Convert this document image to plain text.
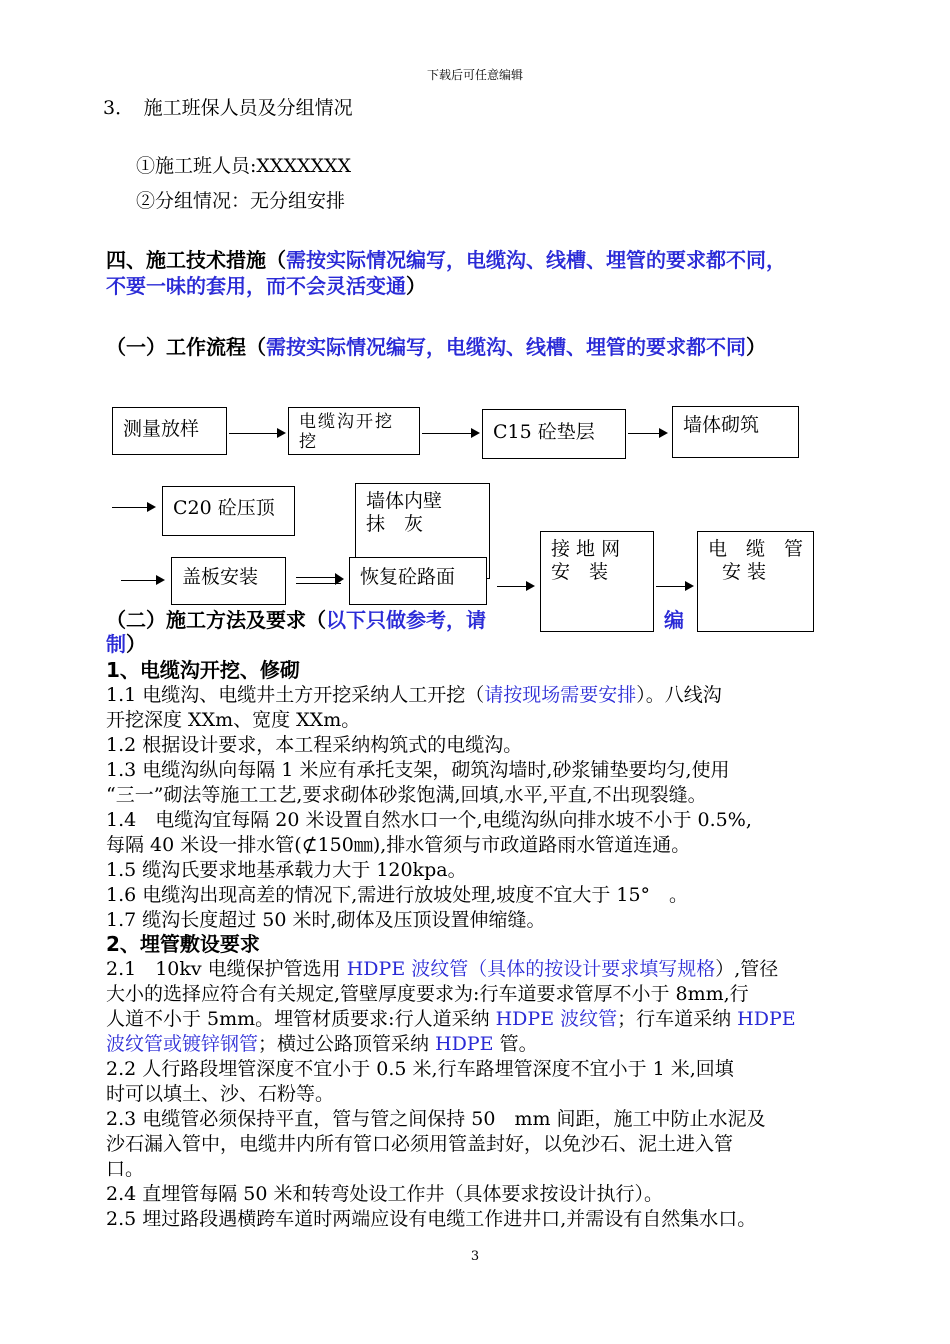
下载后可任意编辑
3．　施工班保人员及分组情况
①施工班人员:XXXXXXX
②分组情况：无分组安排
四、施工技术措施（需按实际情况编写，电缆沟、线槽、埋管的要求都不同，
不要一味的套用，而不会灵活变通）
（一）工作流程（需按实际情况编写，电缆沟、线槽、埋管的要求都不同）
测量放样	电缆沟开挖
挖	C15 砼垫层	墙体砌筑
C20 砼压顶	墙体内壁
抹　灰
盖板安装	恢复砼路面
接 地 网
安　装
电　缆　管
安 装
（二）施工方法及要求（以下只做参考，请	编
制）
1、电缆沟开挖、修砌
1.1 电缆沟、电缆井土方开挖采纳人工开挖（请按现场需要安排）。八线沟
开挖深度 XXm、宽度 XXm。
1.2 根据设计要求，本工程采纳构筑式的电缆沟。
1.3 电缆沟纵向每隔 1 米应有承托支架，砌筑沟墙时,砂浆铺垫要均匀,使用
“三一”砌法等施工工艺,要求砌体砂浆饱满,回填,水平,平直,不出现裂缝。
1.4　电缆沟宜每隔 20 米设置自然水口一个,电缆沟纵向排水坡不小于 0.5%,
每隔 40 米设一排水管(⊄150㎜),排水管须与市政道路雨水管道连通。
1.5 缆沟氏要求地基承载力大于 120kpa。
1.6 电缆沟出现高差的情况下,需进行放坡处理,坡度不宜大于 15°　。
1.7 缆沟长度超过 50 米时,砌体及压顶设置伸缩缝。
2、埋管敷设要求
2.1　10kv 电缆保护管选用 HDPE 波纹管（具体的按设计要求填写规格）,管径
大小的选择应符合有关规定,管壁厚度要求为:行车道要求管厚不小于 8mm,行
人道不小于 5mm。埋管材质要求:行人道采纳 HDPE 波纹管；行车道采纳 HDPE
波纹管或镀锌钢管；横过公路顶管采纳 HDPE 管。
2.2 人行路段埋管深度不宜小于 0.5 米,行车路埋管深度不宜小于 1 米,回填
时可以填土、沙、石粉等。
2.3 电缆管必须保持平直，管与管之间保持 50　mm 间距，施工中防止水泥及
沙石漏入管中，电缆井内所有管口必须用管盖封好，以免沙石、泥土进入管
口。
2.4 直埋管每隔 50 米和转弯处设工作井（具体要求按设计执行）。
2.5 埋过路段遇横跨车道时两端应设有电缆工作进井口,并需设有自然集水口。
3
